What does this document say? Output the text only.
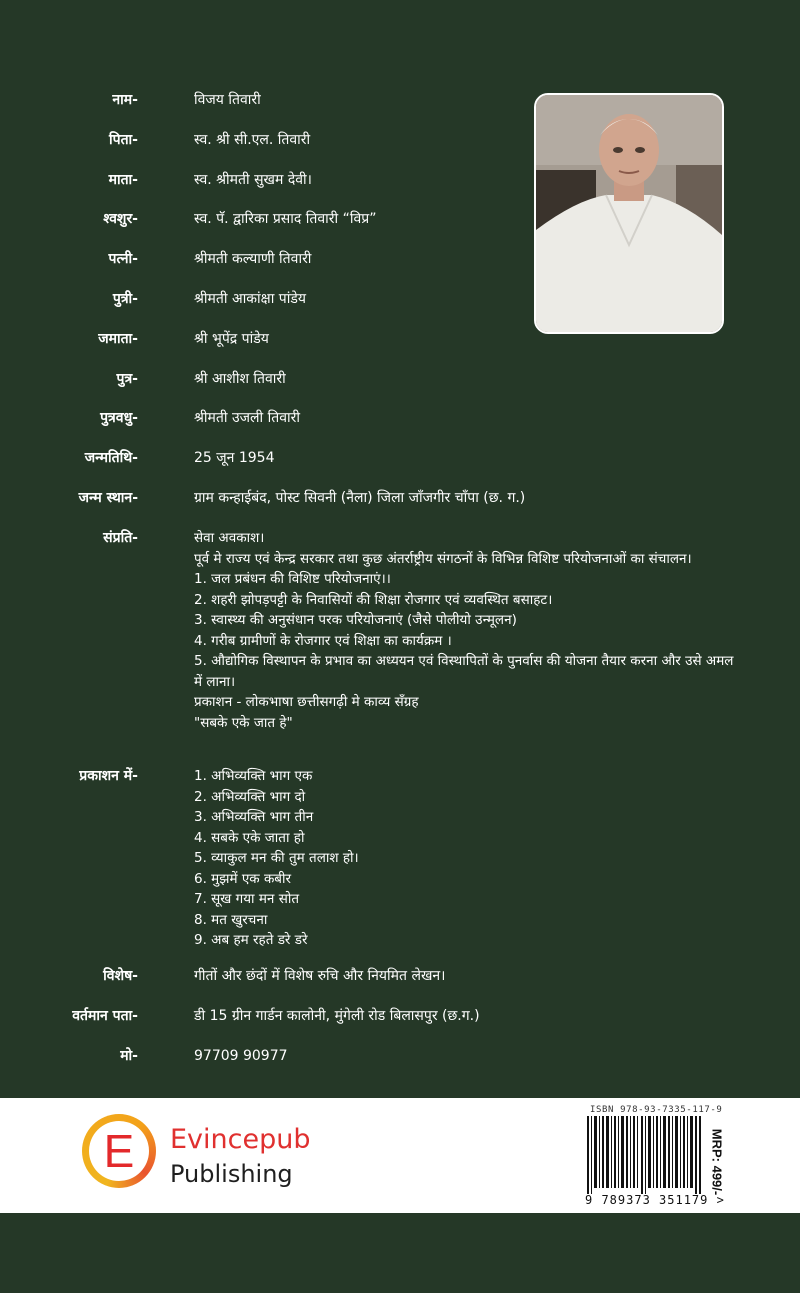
नाम-	विजय तिवारी
पिता-	स्व. श्री सी.एल. तिवारी
माता-	स्व. श्रीमती सुखम देवी।
श्वशुर-	स्व. पॅ. द्वारिका प्रसाद तिवारी “विप्र”
पत्नी-	श्रीमती कल्याणी तिवारी
पुत्री-	श्रीमती आकांक्षा पांडेय
जमाता-	श्री भूपेंद्र पांडेय
पुत्र-	श्री आशीश तिवारी
पुत्रवधु-	श्रीमती उजली तिवारी
जन्मतिथि-	25 जून 1954
जन्म स्थान-	ग्राम कन्हाईबंद, पोस्ट सिवनी (नैला) जिला जाँजगीर चाँपा (छ. ग.)
संप्रति-	सेवा अवकाश।
पूर्व मे राज्य एवं केन्द्र सरकार तथा कुछ अंतर्राष्ट्रीय संगठनों के विभिन्न विशिष्ट परियोजनाओं का संचालन।
1. जल प्रबंधन की विशिष्ट परियोजनाएं।।
2. शहरी झोपड़पट्टी के निवासियों की शिक्षा रोजगार एवं व्यवस्थित बसाहट।
3. स्वास्थ्य की अनुसंधान परक परियोजनाएं (जैसे पोलीयो उन्मूलन)
4. गरीब ग्रामीणों के रोजगार एवं शिक्षा का कार्यक्रम ।
5. औद्योगिक विस्थापन के प्रभाव का अध्ययन एवं विस्थापितों के पुनर्वास की योजना तैयार करना और उसे अमल में लाना।
प्रकाशन - लोकभाषा छत्तीसगढ़ी मे काव्य सँग्रह
"सबके एके जात हे"
प्रकाशन में-	1. अभिव्यक्ति भाग एक
2. अभिव्यक्ति भाग दो
3. अभिव्यक्ति भाग तीन
4. सबके एके जाता हो
5. व्याकुल मन की तुम तलाश हो।
6. मुझमें एक कबीर
7. सूख गया मन सोत
8. मत खुरचना
9. अब हम रहते डरे डरे
विशेष-	गीतों और छंदों में विशेष रुचि और नियमित लेखन।
वर्तमान पता-	डी 15 ग्रीन गार्डन कालोनी, मुंगेली रोड बिलासपुर (छ.ग.)
मो-	97709 90977
E	Evincepub
Publishing
ISBN 978-93-7335-117-9
MRP: 499/-
9 789373 351179 >
